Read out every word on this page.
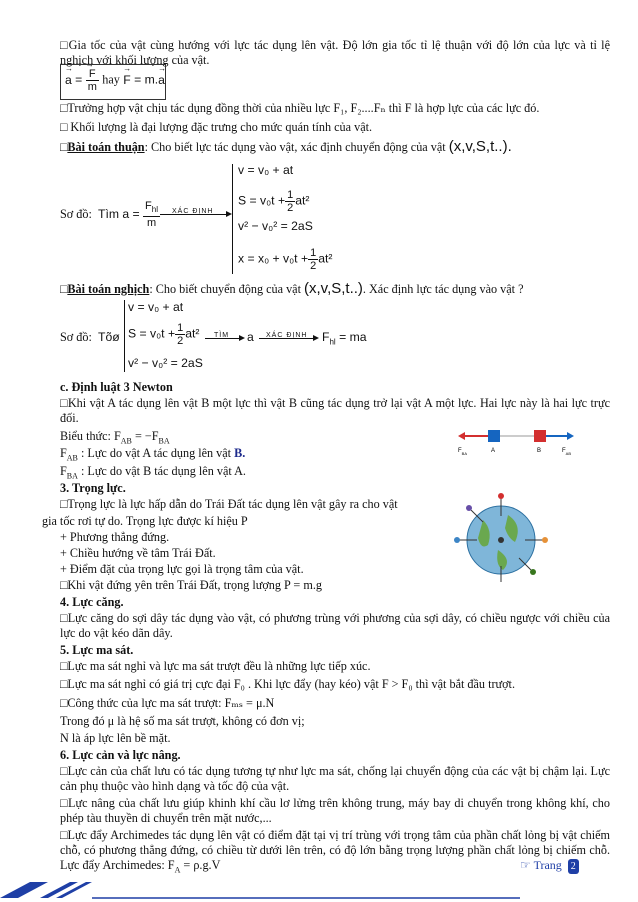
□Gia tốc của vật cùng hướng với lực tác dụng lên vật. Độ lớn gia tốc tỉ lệ thuận với độ lớn của lực và tỉ lệ nghịch với khối lượng của vật.
→ a = → $\frac{F}{m}$ hay → F = m.→ a
□Trưởng hợp vật chịu tác dụng đồng thời của nhiều lực F₁, F₂....Fₙ thì F là hợp lực của các lực đó.
□ Khối lượng là đại lượng đặc trưng cho mức quán tính của vật.
□Bài toán thuận: Cho biết lực tác dụng vào vật, xác định chuyển động của vật (x,v,S,t..).
Sơ đồ: Tìm $a = \frac{F_{hl}}{m}$ XÁC ĐỊNH
v = v₀ + at
$S = v_0t + \frac{1}{2} at^2$
v² − v₀² = 2aS
$x = x_0 + v_0t + \frac{1}{2} at^2$
□Bài toán nghịch: Cho biết chuyển động của vật (x,v,S,t..). Xác định lực tác dụng vào vật ?
Sơ đồ: Tõø
v = v₀ + at
$S = v_0t + \frac{1}{2} at^2$
v² − v₀² = 2aS
TÌM a XÁC ĐỊNH $F_{hl}$ = ma
c. Định luật 3 Newton
□Khi vật A tác dụng lên vật B một lực thì vật B cũng tác dụng trở lại vật A một lực. Hai lực này là hai lực trực đối.
Biểu thức: $F_{AB} = -F_{BA}$
$F_{AB}$ : Lực do vật A tác dụng lên vật B.
$F_{BA}$ : Lực do vật B tác dụng lên vật A.
$F_{BA}$	A	B	$F_{AB}$
3. Trọng lực.
□Trọng lực là lực hấp dẫn do Trái Đất tác dụng lên vật gây ra cho vật
gia tốc rơi tự do. Trọng lực được kí hiệu P
+ Phương thẳng đứng.
+ Chiều hướng về tâm Trái Đất.
+ Điểm đặt của trọng lực gọi là trọng tâm của vật.
□Khi vật đứng yên trên Trái Đất, trọng lượng P = m.g
4. Lực căng.
□Lực căng do sợi dây tác dụng vào vật, có phương trùng với phương của sợi dây, có chiều ngược với chiều của lực do vật kéo dãn dây.
5. Lực ma sát.
□Lực ma sát nghỉ và lực ma sát trượt đều là những lực tiếp xúc.
□Lực ma sát nghỉ có giá trị cực đại F₀ . Khi lực đẩy (hay kéo) vật F > F₀ thì vật bắt đầu trượt.
□Công thức của lực ma sát trượt: Fₘₛ = μ.N
Trong đó μ là hệ số ma sát trượt, không có đơn vị;
N là áp lực lên bề mặt.
6. Lực cản và lực nâng.
□Lực cản của chất lưu có tác dụng tương tự như lực ma sát, chống lại chuyển động của các vật bị chậm lại. Lực cản phụ thuộc vào hình dạng và tốc độ của vật.
□Lực nâng của chất lưu giúp khinh khí cầu lơ lửng trên không trung, máy bay di chuyển trong không khí, cho phép tàu thuyền di chuyển trên mặt nước,...
□Lực đẩy Archimedes tác dụng lên vật có điểm đặt tại vị trí trùng với trọng tâm của phần chất lỏng bị vật chiếm chỗ, có phương thẳng đứng, có chiều từ dưới lên trên, có độ lớn bằng trọng lượng phần chất lỏng bị chiếm chỗ. Lực đẩy Archimedes: $F_A = \rho.g.V$	☞ Trang 2
